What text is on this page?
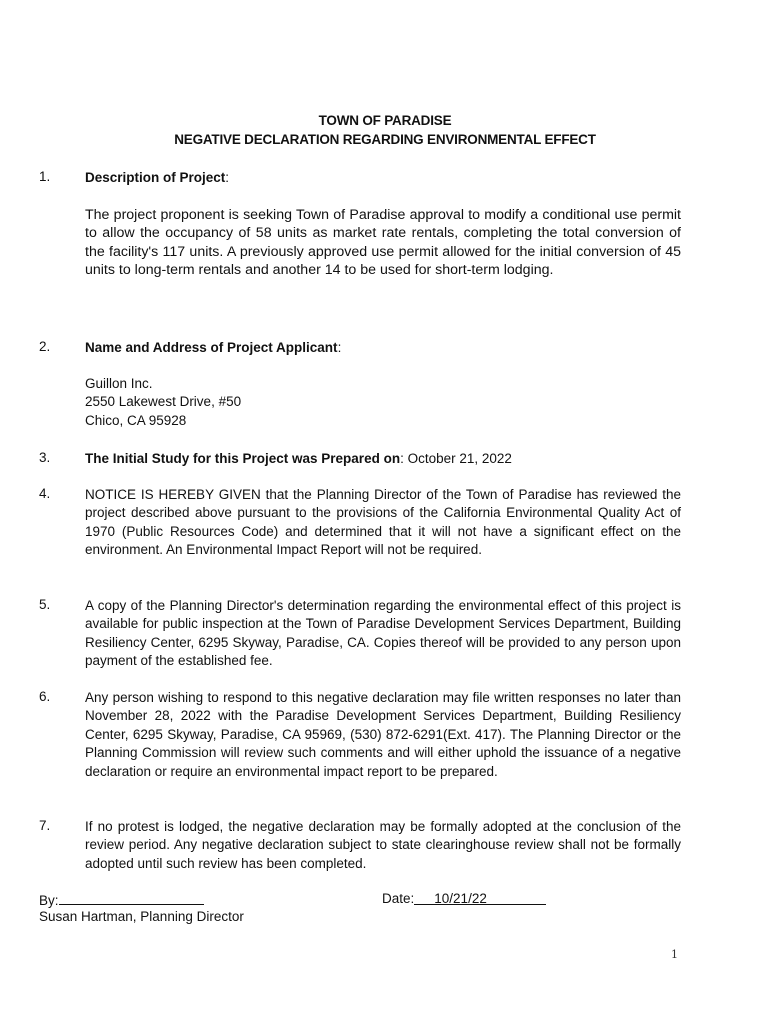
TOWN OF PARADISE
NEGATIVE DECLARATION REGARDING ENVIRONMENTAL EFFECT
1.	Description of Project:
The project proponent is seeking Town of Paradise approval to modify a conditional use permit to allow the occupancy of 58 units as market rate rentals, completing the total conversion of the facility's 117 units. A previously approved use permit allowed for the initial conversion of 45 units to long-term rentals and another 14 to be used for short-term lodging.
2.	Name and Address of Project Applicant:
Guillon Inc.
2550 Lakewest Drive, #50
Chico, CA 95928
3.	The Initial Study for this Project was Prepared on: October 21, 2022
4.	NOTICE IS HEREBY GIVEN that the Planning Director of the Town of Paradise has reviewed the project described above pursuant to the provisions of the California Environmental Quality Act of 1970 (Public Resources Code) and determined that it will not have a significant effect on the environment. An Environmental Impact Report will not be required.
5.	A copy of the Planning Director's determination regarding the environmental effect of this project is available for public inspection at the Town of Paradise Development Services Department, Building Resiliency Center, 6295 Skyway, Paradise, CA. Copies thereof will be provided to any person upon payment of the established fee.
6.	Any person wishing to respond to this negative declaration may file written responses no later than November 28, 2022 with the Paradise Development Services Department, Building Resiliency Center, 6295 Skyway, Paradise, CA 95969, (530) 872-6291(Ext. 417). The Planning Director or the Planning Commission will review such comments and will either uphold the issuance of a negative declaration or require an environmental impact report to be prepared.
7.	If no protest is lodged, the negative declaration may be formally adopted at the conclusion of the review period. Any negative declaration subject to state clearinghouse review shall not be formally adopted until such review has been completed.
By:
Susan Hartman, Planning Director
Date: 10/21/22
1
